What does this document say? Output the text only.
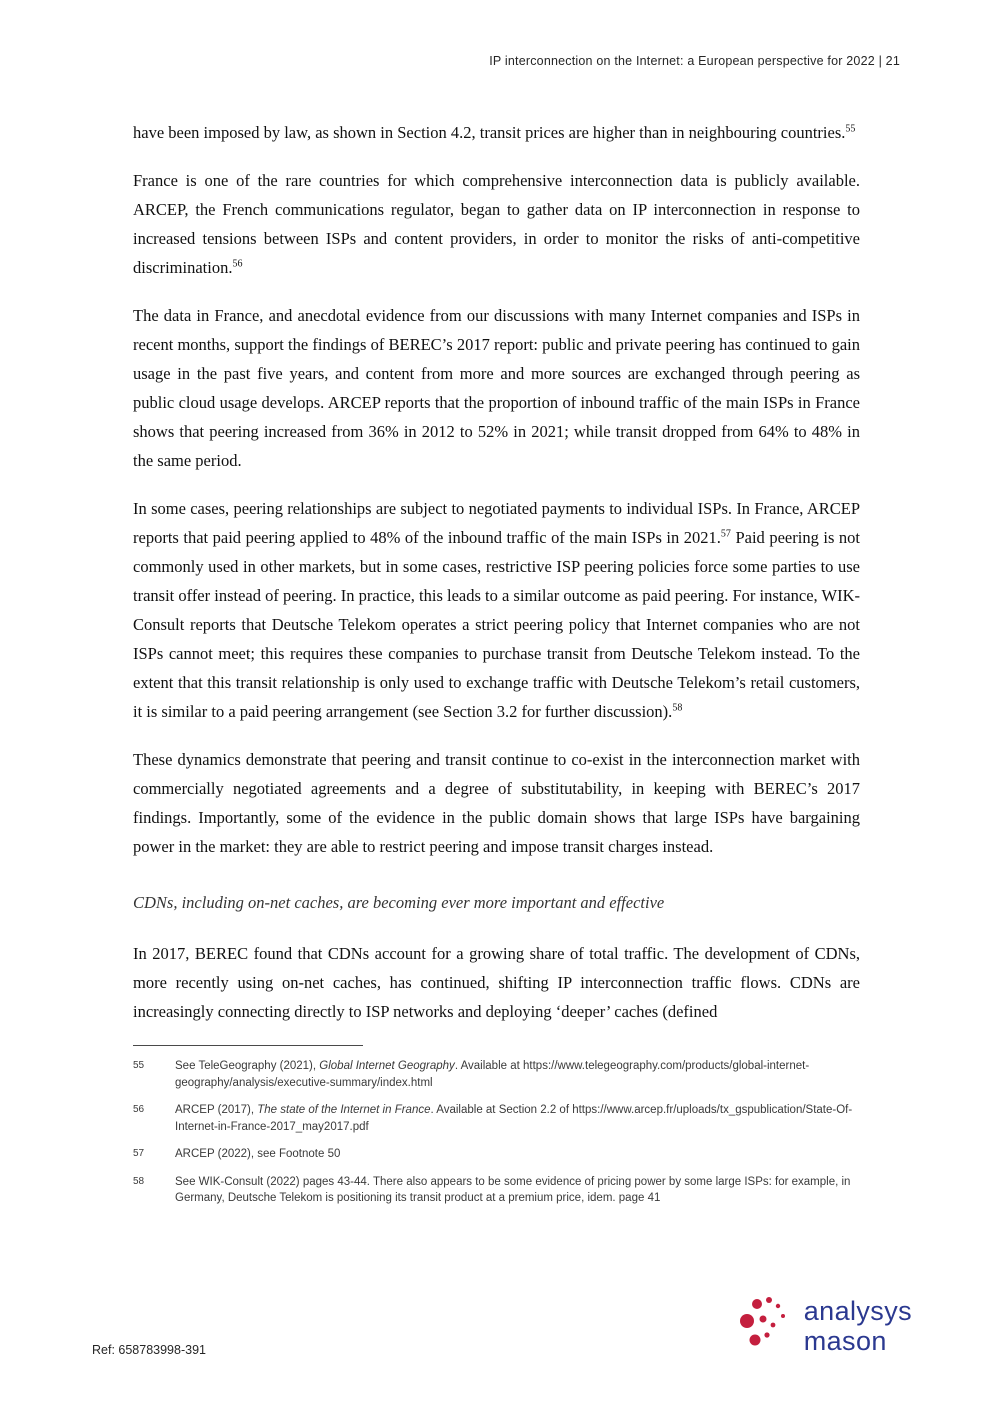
IP interconnection on the Internet: a European perspective for 2022 | 21

have been imposed by law, as shown in Section 4.2, transit prices are higher than in neighbouring countries.$^{55}$

France is one of the rare countries for which comprehensive interconnection data is publicly available. ARCEP, the French communications regulator, began to gather data on IP interconnection in response to increased tensions between ISPs and content providers, in order to monitor the risks of anti-competitive discrimination.$^{56}$

The data in France, and anecdotal evidence from our discussions with many Internet companies and ISPs in recent months, support the findings of BEREC’s 2017 report: public and private peering has continued to gain usage in the past five years, and content from more and more sources are exchanged through peering as public cloud usage develops. ARCEP reports that the proportion of inbound traffic of the main ISPs in France shows that peering increased from 36% in 2012 to 52% in 2021; while transit dropped from 64% to 48% in the same period.

In some cases, peering relationships are subject to negotiated payments to individual ISPs. In France, ARCEP reports that paid peering applied to 48% of the inbound traffic of the main ISPs in 2021.57 Paid peering is not commonly used in other markets, but in some cases, restrictive ISP peering policies force some parties to use transit offer instead of peering. In practice, this leads to a similar outcome as paid peering. For instance, WIK-Consult reports that Deutsche Telekom operates a strict peering policy that Internet companies who are not ISPs cannot meet; this requires these companies to purchase transit from Deutsche Telekom instead. To the extent that this transit relationship is only used to exchange traffic with Deutsche Telekom’s retail customers, it is similar to a paid peering arrangement (see Section 3.2 for further discussion).$^{58}$

These dynamics demonstrate that peering and transit continue to co-exist in the interconnection market with commercially negotiated agreements and a degree of substitutability, in keeping with BEREC’s 2017 findings. Importantly, some of the evidence in the public domain shows that large ISPs have bargaining power in the market: they are able to restrict peering and impose transit charges instead.

CDNs, including on-net caches, are becoming ever more important and effective

In 2017, BEREC found that CDNs account for a growing share of total traffic. The development of CDNs, more recently using on-net caches, has continued, shifting IP interconnection traffic flows. CDNs are increasingly connecting directly to ISP networks and deploying ‘deeper’ caches (defined

55	See TeleGeography (2021), Global Internet Geography. Available at https://www.telegeography.com/products/global-internet-geography/analysis/executive-summary/index.html
56	ARCEP (2017), The state of the Internet in France. Available at Section 2.2 of https://www.arcep.fr/uploads/tx_gspublication/State-Of-Internet-in-France-2017_may2017.pdf
57	ARCEP (2022), see Footnote 50
58	See WIK-Consult (2022) pages 43-44. There also appears to be some evidence of pricing power by some large ISPs: for example, in Germany, Deutsche Telekom is positioning its transit product at a premium price, idem. page 41
Ref: 658783998-391
analysys
mason
